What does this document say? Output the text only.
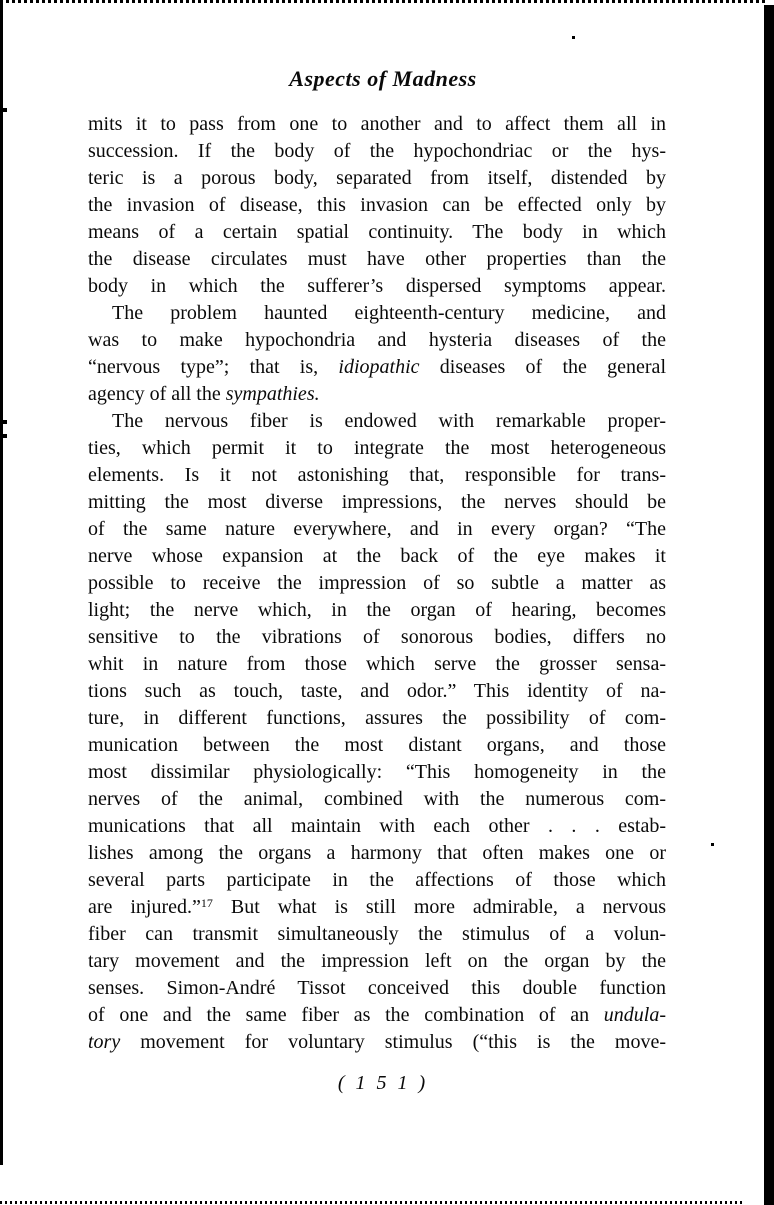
Aspects of Madness
mits it to pass from one to another and to affect them all in
succession. If the body of the hypochondriac or the hys-
teric is a porous body, separated from itself, distended by
the invasion of disease, this invasion can be effected only by
means of a certain spatial continuity. The body in which
the disease circulates must have other properties than the
body in which the sufferer’s dispersed symptoms appear.
The problem haunted eighteenth-century medicine, and
was to make hypochondria and hysteria diseases of the
“nervous type”; that is, idiopathic diseases of the general
agency of all the sympathies.
The nervous fiber is endowed with remarkable proper-
ties, which permit it to integrate the most heterogeneous
elements. Is it not astonishing that, responsible for trans-
mitting the most diverse impressions, the nerves should be
of the same nature everywhere, and in every organ? “The
nerve whose expansion at the back of the eye makes it
possible to receive the impression of so subtle a matter as
light; the nerve which, in the organ of hearing, becomes
sensitive to the vibrations of sonorous bodies, differs no
whit in nature from those which serve the grosser sensa-
tions such as touch, taste, and odor.” This identity of na-
ture, in different functions, assures the possibility of com-
munication between the most distant organs, and those
most dissimilar physiologically: “This homogeneity in the
nerves of the animal, combined with the numerous com-
munications that all maintain with each other . . . estab-
lishes among the organs a harmony that often makes one or
several parts participate in the affections of those which
are injured.”$^{17}$ But what is still more admirable, a nervous
fiber can transmit simultaneously the stimulus of a volun-
tary movement and the impression left on the organ by the
senses. Simon-André Tissot conceived this double function
of one and the same fiber as the combination of an undula-
tory movement for voluntary stimulus (“this is the move-
( 1 5 1 )
